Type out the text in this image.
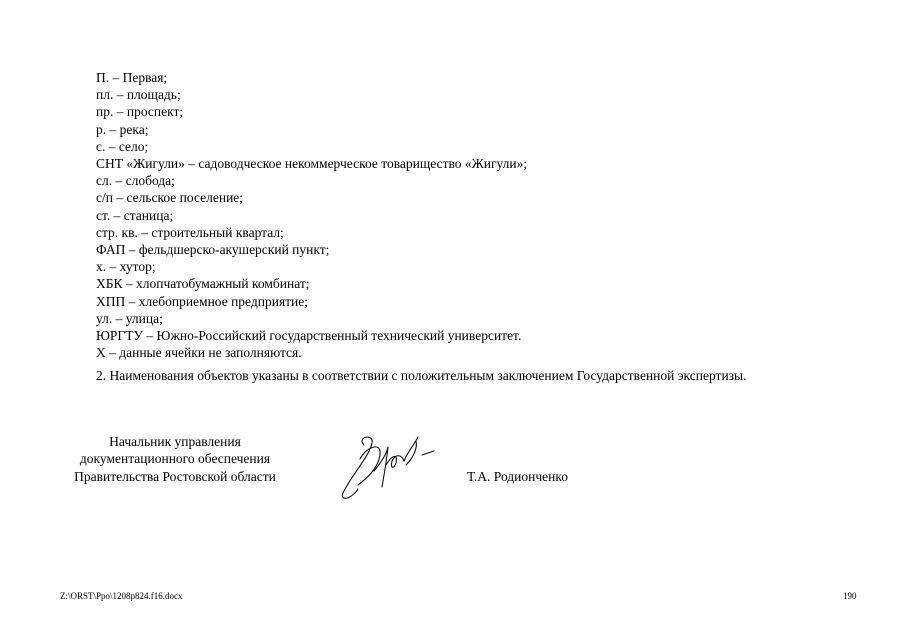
П. – Первая;
пл. – площадь;
пр. – проспект;
р. – река;
с. – село;
СНТ «Жигули» – садоводческое некоммерческое товарищество «Жигули»;
сл. – слобода;
с/п – сельское поселение;
ст. – станица;
стр. кв. – строительный квартал;
ФАП – фельдшерско-акушерский пункт;
х. – хутор;
ХБК – хлопчатобумажный комбинат;
ХПП – хлебоприемное предприятие;
ул. – улица;
ЮРГТУ – Южно-Российский государственный технический университет.
Х – данные ячейки не заполняются.
2. Наименования объектов указаны в соответствии с положительным заключением Государственной экспертизы.
Начальник управления
документационного обеспечения
Правительства Ростовской области	Т.А. Родионченко
Z:\ORST\Ppo\1208p824.f16.docx	190
